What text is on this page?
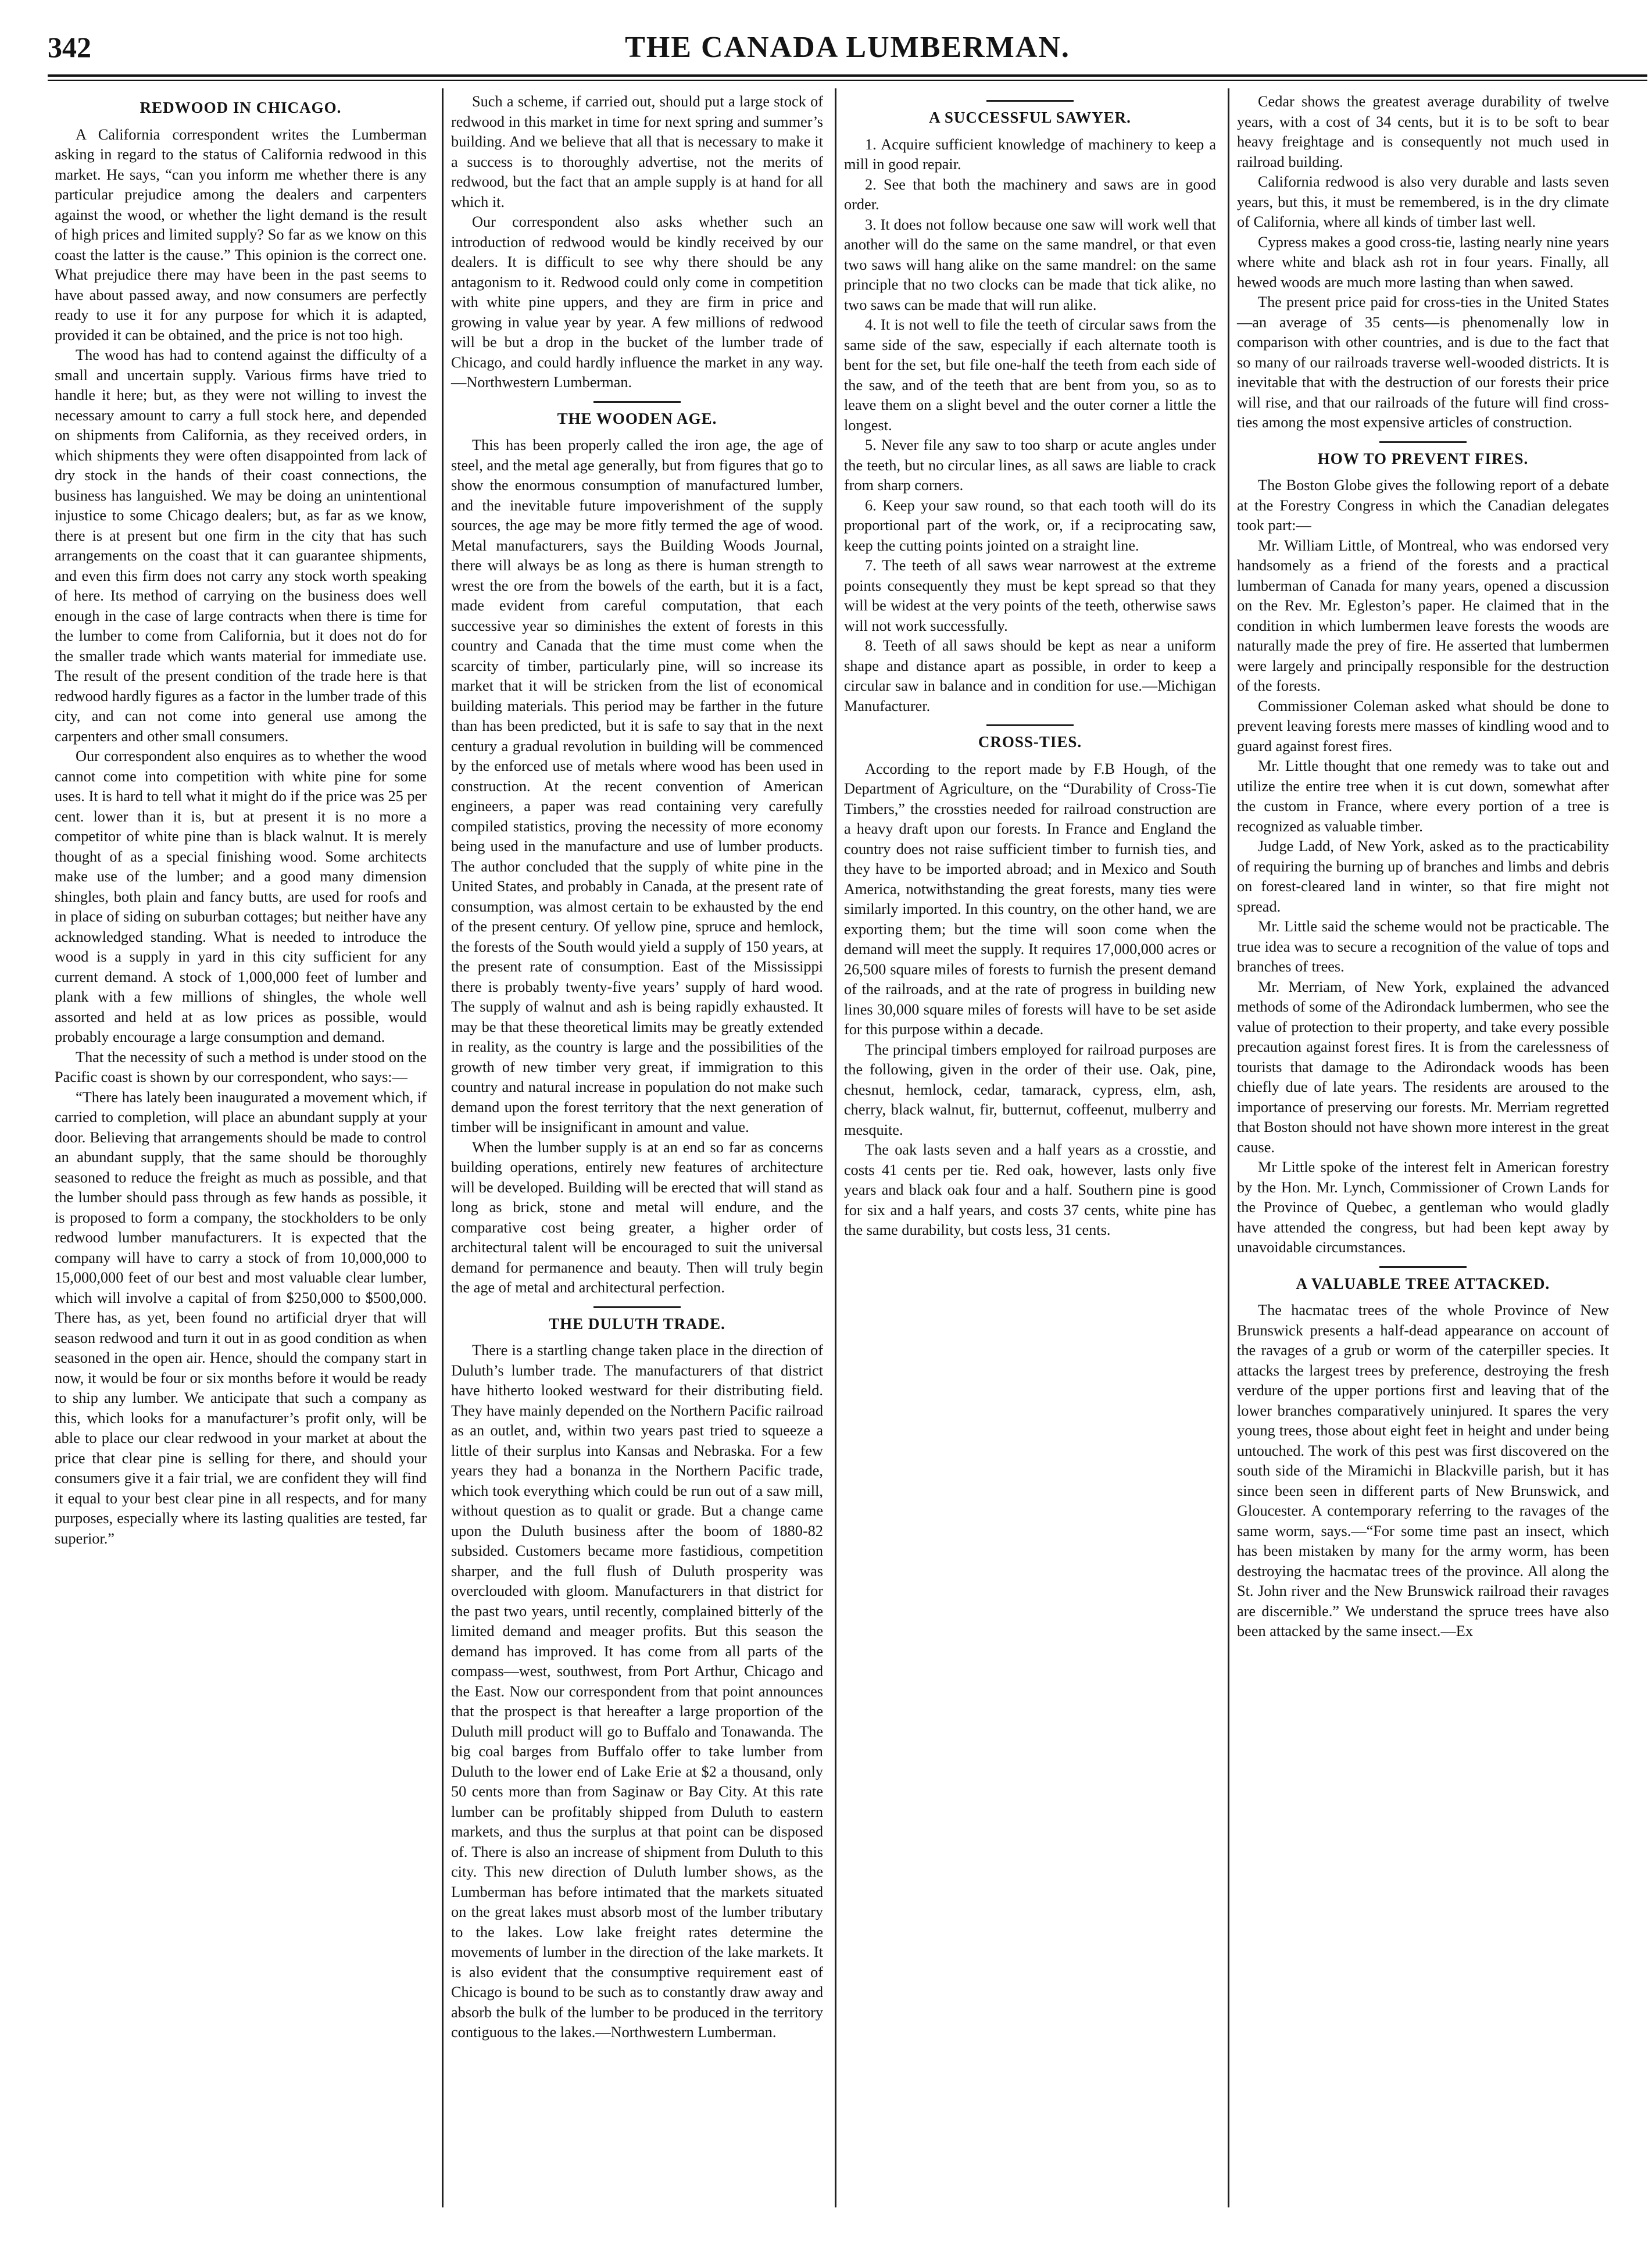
342	THE CANADA LUMBERMAN.
REDWOOD IN CHICAGO.

A California correspondent writes the Lumberman asking in regard to the status of California redwood in this market. He says, “can you inform me whether there is any particular prejudice among the dealers and carpenters against the wood, or whether the light demand is the result of high prices and limited supply? So far as we know on this coast the latter is the cause.” This opinion is the correct one. What prejudice there may have been in the past seems to have about passed away, and now consumers are perfectly ready to use it for any purpose for which it is adapted, provided it can be obtained, and the price is not too high.

The wood has had to contend against the difficulty of a small and uncertain supply. Various firms have tried to handle it here; but, as they were not willing to invest the necessary amount to carry a full stock here, and depended on shipments from California, as they received orders, in which shipments they were often disappointed from lack of dry stock in the hands of their coast connections, the business has languished. We may be doing an unintentional injustice to some Chicago dealers; but, as far as we know, there is at present but one firm in the city that has such arrangements on the coast that it can guarantee shipments, and even this firm does not carry any stock worth speaking of here. Its method of carrying on the business does well enough in the case of large contracts when there is time for the lumber to come from California, but it does not do for the smaller trade which wants material for immediate use. The result of the present condition of the trade here is that redwood hardly figures as a factor in the lumber trade of this city, and can not come into general use among the carpenters and other small consumers.

Our correspondent also enquires as to whether the wood cannot come into competition with white pine for some uses. It is hard to tell what it might do if the price was 25 per cent. lower than it is, but at present it is no more a competitor of white pine than is black walnut. It is merely thought of as a special finishing wood. Some architects make use of the lumber; and a good many dimension shingles, both plain and fancy butts, are used for roofs and in place of siding on suburban cottages; but neither have any acknowledged standing. What is needed to introduce the wood is a supply in yard in this city sufficient for any current demand. A stock of 1,000,000 feet of lumber and plank with a few millions of shingles, the whole well assorted and held at as low prices as possible, would probably encourage a large consumption and demand.

That the necessity of such a method is under stood on the Pacific coast is shown by our correspondent, who says:—

“There has lately been inaugurated a movement which, if carried to completion, will place an abundant supply at your door. Believing that arrangements should be made to control an abundant supply, that the same should be thoroughly seasoned to reduce the freight as much as possible, and that the lumber should pass through as few hands as possible, it is proposed to form a company, the stockholders to be only redwood lumber manufacturers. It is expected that the company will have to carry a stock of from 10,000,000 to 15,000,000 feet of our best and most valuable clear lumber, which will involve a capital of from $250,000 to $500,000. There has, as yet, been found no artificial dryer that will season redwood and turn it out in as good condition as when seasoned in the open air. Hence, should the company start in now, it would be four or six months before it would be ready to ship any lumber. We anticipate that such a company as this, which looks for a manufacturer’s profit only, will be able to place our clear redwood in your market at about the price that clear pine is selling for there, and should your consumers give it a fair trial, we are confident they will find it equal to your best clear pine in all respects, and for many purposes, especially where its lasting qualities are tested, far superior.”

Such a scheme, if carried out, should put a large stock of redwood in this market in time for next spring and summer’s building. And we believe that all that is necessary to make it a success is to thoroughly advertise, not the merits of redwood, but the fact that an ample supply is at hand for all which it.

Our correspondent also asks whether such an introduction of redwood would be kindly received by our dealers. It is difficult to see why there should be any antagonism to it. Redwood could only come in competition with white pine uppers, and they are firm in price and growing in value year by year. A few millions of redwood will be but a drop in the bucket of the lumber trade of Chicago, and could hardly influence the market in any way. —Northwestern Lumberman.

THE WOODEN AGE.

This has been properly called the iron age, the age of steel, and the metal age generally, but from figures that go to show the enormous consumption of manufactured lumber, and the inevitable future impoverishment of the supply sources, the age may be more fitly termed the age of wood. Metal manufacturers, says the Building Woods Journal, there will always be as long as there is human strength to wrest the ore from the bowels of the earth, but it is a fact, made evident from careful computation, that each successive year so diminishes the extent of forests in this country and Canada that the time must come when the scarcity of timber, particularly pine, will so increase its market that it will be stricken from the list of economical building materials. This period may be farther in the future than has been predicted, but it is safe to say that in the next century a gradual revolution in building will be commenced by the enforced use of metals where wood has been used in construction. At the recent convention of American engineers, a paper was read containing very carefully compiled statistics, proving the necessity of more economy being used in the manufacture and use of lumber products. The author concluded that the supply of white pine in the United States, and probably in Canada, at the present rate of consumption, was almost certain to be exhausted by the end of the present century. Of yellow pine, spruce and hemlock, the forests of the South would yield a supply of 150 years, at the present rate of consumption. East of the Mississippi there is probably twenty-five years’ supply of hard wood. The supply of walnut and ash is being rapidly exhausted. It may be that these theoretical limits may be greatly extended in reality, as the country is large and the possibilities of the growth of new timber very great, if immigration to this country and natural increase in population do not make such demand upon the forest territory that the next generation of timber will be insignificant in amount and value.

When the lumber supply is at an end so far as concerns building operations, entirely new features of architecture will be developed. Building will be erected that will stand as long as brick, stone and metal will endure, and the comparative cost being greater, a higher order of architectural talent will be encouraged to suit the universal demand for permanence and beauty. Then will truly begin the age of metal and architectural perfection.

THE DULUTH TRADE.

There is a startling change taken place in the direction of Duluth’s lumber trade. The manufacturers of that district have hitherto looked westward for their distributing field. They have mainly depended on the Northern Pacific railroad as an outlet, and, within two years past tried to squeeze a little of their surplus into Kansas and Nebraska. For a few years they had a bonanza in the Northern Pacific trade, which took everything which could be run out of a saw mill, without question as to qualit or grade. But a change came upon the Duluth business after the boom of 1880-82 subsided. Customers became more fastidious, competition sharper, and the full flush of Duluth prosperity was overclouded with gloom. Manufacturers in that district for the past two years, until recently, complained bitterly of the limited demand and meager profits. But this season the demand has improved. It has come from all parts of the compass—west, southwest, from Port Arthur, Chicago and the East. Now our correspondent from that point announces that the prospect is that hereafter a large proportion of the Duluth mill product will go to Buffalo and Tonawanda. The big coal barges from Buffalo offer to take lumber from Duluth to the lower end of Lake Erie at $2 a thousand, only 50 cents more than from Saginaw or Bay City. At this rate lumber can be profitably shipped from Duluth to eastern markets, and thus the surplus at that point can be disposed of. There is also an increase of shipment from Duluth to this city. This new direction of Duluth lumber shows, as the Lumberman has before intimated that the markets situated on the great lakes must absorb most of the lumber tributary to the lakes. Low lake freight rates determine the movements of lumber in the direction of the lake markets. It is also evident that the consumptive requirement east of Chicago is bound to be such as to constantly draw away and absorb the bulk of the lumber to be produced in the territory contiguous to the lakes.—Northwestern Lumberman.

A SUCCESSFUL SAWYER.

1. Acquire sufficient knowledge of machinery to keep a mill in good repair.

2. See that both the machinery and saws are in good order.

3. It does not follow because one saw will work well that another will do the same on the same mandrel, or that even two saws will hang alike on the same mandrel: on the same principle that no two clocks can be made that tick alike, no two saws can be made that will run alike.

4. It is not well to file the teeth of circular saws from the same side of the saw, especially if each alternate tooth is bent for the set, but file one-half the teeth from each side of the saw, and of the teeth that are bent from you, so as to leave them on a slight bevel and the outer corner a little the longest.

5. Never file any saw to too sharp or acute angles under the teeth, but no circular lines, as all saws are liable to crack from sharp corners.

6. Keep your saw round, so that each tooth will do its proportional part of the work, or, if a reciprocating saw, keep the cutting points jointed on a straight line.

7. The teeth of all saws wear narrowest at the extreme points consequently they must be kept spread so that they will be widest at the very points of the teeth, otherwise saws will not work successfully.

8. Teeth of all saws should be kept as near a uniform shape and distance apart as possible, in order to keep a circular saw in balance and in condition for use.—Michigan Manufacturer.

CROSS-TIES.

According to the report made by F.B Hough, of the Department of Agriculture, on the “Durability of Cross-Tie Timbers,” the crossties needed for railroad construction are a heavy draft upon our forests. In France and England the country does not raise sufficient timber to furnish ties, and they have to be imported abroad; and in Mexico and South America, notwithstanding the great forests, many ties were similarly imported. In this country, on the other hand, we are exporting them; but the time will soon come when the demand will meet the supply. It requires 17,000,000 acres or 26,500 square miles of forests to furnish the present demand of the railroads, and at the rate of progress in building new lines 30,000 square miles of forests will have to be set aside for this purpose within a decade.

The principal timbers employed for railroad purposes are the following, given in the order of their use. Oak, pine, chesnut, hemlock, cedar, tamarack, cypress, elm, ash, cherry, black walnut, fir, butternut, coffeenut, mulberry and mesquite.

The oak lasts seven and a half years as a crosstie, and costs 41 cents per tie. Red oak, however, lasts only five years and black oak four and a half. Southern pine is good for six and a half years, and costs 37 cents, white pine has the same durability, but costs less, 31 cents.

Cedar shows the greatest average durability of twelve years, with a cost of 34 cents, but it is to be soft to bear heavy freightage and is consequently not much used in railroad building.

California redwood is also very durable and lasts seven years, but this, it must be remembered, is in the dry climate of California, where all kinds of timber last well.

Cypress makes a good cross-tie, lasting nearly nine years where white and black ash rot in four years. Finally, all hewed woods are much more lasting than when sawed.

The present price paid for cross-ties in the United States—an average of 35 cents—is phenomenally low in comparison with other countries, and is due to the fact that so many of our railroads traverse well-wooded districts. It is inevitable that with the destruction of our forests their price will rise, and that our railroads of the future will find cross-ties among the most expensive articles of construction.

HOW TO PREVENT FIRES.

The Boston Globe gives the following report of a debate at the Forestry Congress in which the Canadian delegates took part:—

Mr. William Little, of Montreal, who was endorsed very handsomely as a friend of the forests and a practical lumberman of Canada for many years, opened a discussion on the Rev. Mr. Egleston’s paper. He claimed that in the condition in which lumbermen leave forests the woods are naturally made the prey of fire. He asserted that lumbermen were largely and principally responsible for the destruction of the forests.

Commissioner Coleman asked what should be done to prevent leaving forests mere masses of kindling wood and to guard against forest fires.

Mr. Little thought that one remedy was to take out and utilize the entire tree when it is cut down, somewhat after the custom in France, where every portion of a tree is recognized as valuable timber.

Judge Ladd, of New York, asked as to the practicability of requiring the burning up of branches and limbs and debris on forest-cleared land in winter, so that fire might not spread.

Mr. Little said the scheme would not be practicable. The true idea was to secure a recognition of the value of tops and branches of trees.

Mr. Merriam, of New York, explained the advanced methods of some of the Adirondack lumbermen, who see the value of protection to their property, and take every possible precaution against forest fires. It is from the carelessness of tourists that damage to the Adirondack woods has been chiefly due of late years. The residents are aroused to the importance of preserving our forests. Mr. Merriam regretted that Boston should not have shown more interest in the great cause.

Mr Little spoke of the interest felt in American forestry by the Hon. Mr. Lynch, Commissioner of Crown Lands for the Province of Quebec, a gentleman who would gladly have attended the congress, but had been kept away by unavoidable circumstances.

A VALUABLE TREE ATTACKED.

The hacmatac trees of the whole Province of New Brunswick presents a half-dead appearance on account of the ravages of a grub or worm of the caterpiller species. It attacks the largest trees by preference, destroying the fresh verdure of the upper portions first and leaving that of the lower branches comparatively uninjured. It spares the very young trees, those about eight feet in height and under being untouched. The work of this pest was first discovered on the south side of the Miramichi in Blackville parish, but it has since been seen in different parts of New Brunswick, and Gloucester. A contemporary referring to the ravages of the same worm, says.—“For some time past an insect, which has been mistaken by many for the army worm, has been destroying the hacmatac trees of the province. All along the St. John river and the New Brunswick railroad their ravages are discernible.” We understand the spruce trees have also been attacked by the same insect.—Ex
